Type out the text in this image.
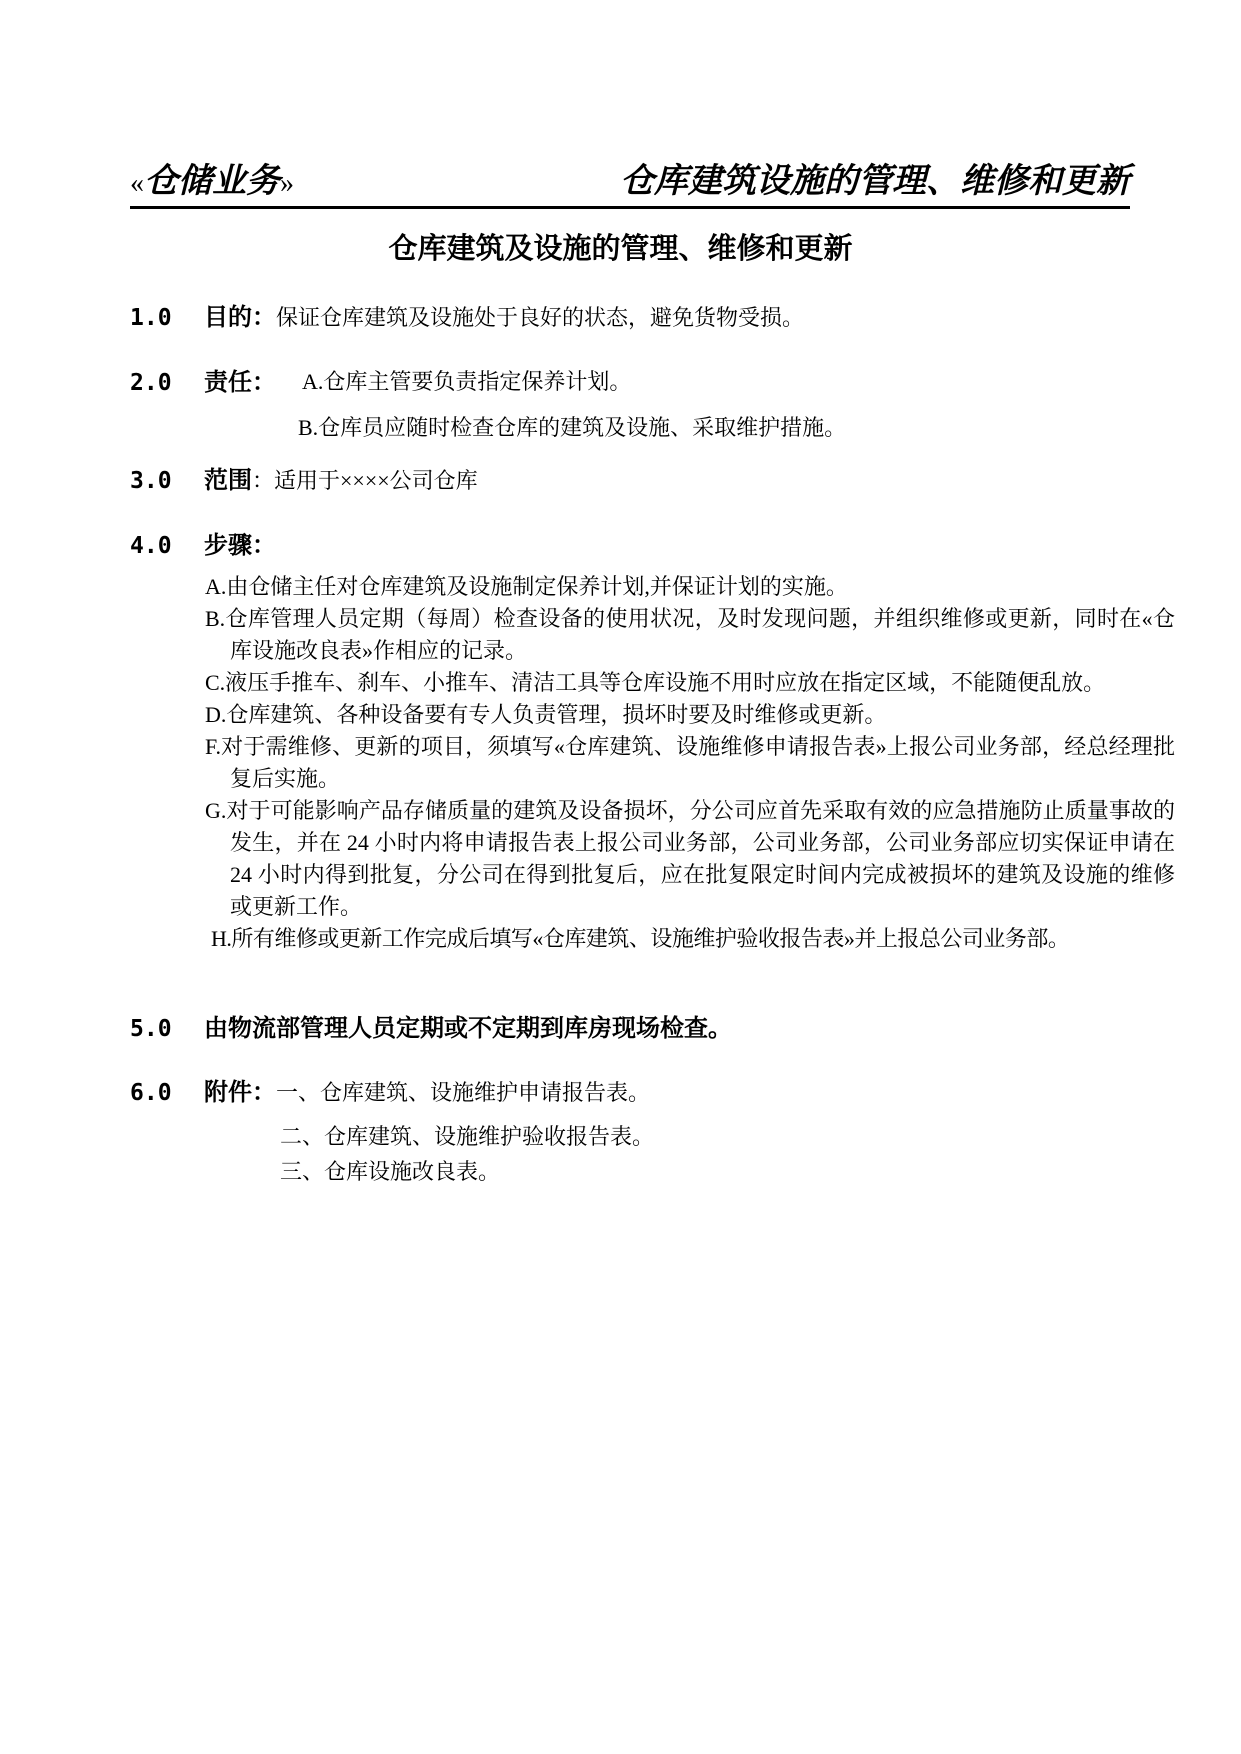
«仓储业务»	仓库建筑设施的管理、维修和更新
仓库建筑及设施的管理、维修和更新
1.0 目的：保证仓库建筑及设施处于良好的状态，避免货物受损。
2.0 责任： A.仓库主管要负责指定保养计划。
B.仓库员应随时检查仓库的建筑及设施、采取维护措施。
3.0 范围：适用于××××公司仓库
4.0 步骤：
A.由仓储主任对仓库建筑及设施制定保养计划,并保证计划的实施。
B.仓库管理人员定期（每周）检查设备的使用状况，及时发现问题，并组织维修或更新，同时在«仓库设施改良表»作相应的记录。
C.液压手推车、刹车、小推车、清洁工具等仓库设施不用时应放在指定区域，不能随便乱放。
D.仓库建筑、各种设备要有专人负责管理，损坏时要及时维修或更新。
F.对于需维修、更新的项目，须填写«仓库建筑、设施维修申请报告表»上报公司业务部，经总经理批复后实施。
G.对于可能影响产品存储质量的建筑及设备损坏，分公司应首先采取有效的应急措施防止质量事故的发生，并在 24 小时内将申请报告表上报公司业务部，公司业务部，公司业务部应切实保证申请在 24 小时内得到批复，分公司在得到批复后，应在批复限定时间内完成被损坏的建筑及设施的维修或更新工作。
H.所有维修或更新工作完成后填写«仓库建筑、设施维护验收报告表»并上报总公司业务部。
5.0 由物流部管理人员定期或不定期到库房现场检查。
6.0 附件：一、仓库建筑、设施维护申请报告表。
二、仓库建筑、设施维护验收报告表。
三、仓库设施改良表。
